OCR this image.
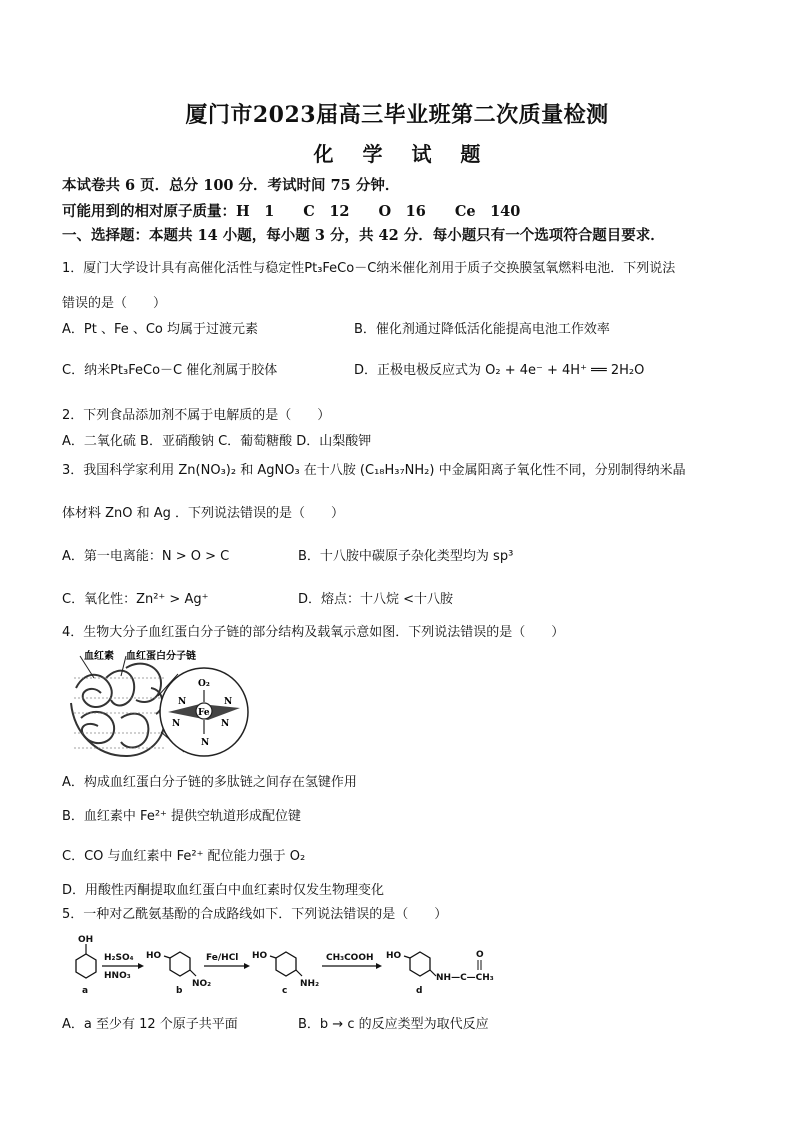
厦门市2023届高三毕业班第二次质量检测
化 学 试 题
本试卷共 6 页．总分 100 分．考试时间 75 分钟．
可能用到的相对原子质量：H　1　　C　12　　O　16　　Ce　140
一、选择题：本题共 14 小题，每小题 3 分，共 42 分．每小题只有一个选项符合题目要求．
1．厦门大学设计具有高催化活性与稳定性Pt₃FeCo－C纳米催化剂用于质子交换膜氢氧燃料电池．下列说法
错误的是（　　）
A．Pt 、Fe 、Co 均属于过渡元素	B．催化剂通过降低活化能提高电池工作效率
C．纳米Pt₃FeCo－C 催化剂属于胶体	D．正极电极反应式为 O₂ + 4e⁻ + 4H⁺ ══ 2H₂O
2．下列食品添加剂不属于电解质的是（　　）
A．二氧化硫 B．亚硝酸钠 C．葡萄糖酸 D．山梨酸钾
3．我国科学家利用 Zn(NO₃)₂ 和 AgNO₃ 在十八胺 (C₁₈H₃₇NH₂) 中金属阳离子氧化性不同，分别制得纳米晶
体材料 ZnO 和 Ag ．下列说法错误的是（　　）
A．第一电离能：N > O > C	B．十八胺中碳原子杂化类型均为 sp³
C．氧化性：Zn²⁺ > Ag⁺	D．熔点：十八烷 <十八胺
4．生物大分子血红蛋白分子链的部分结构及载氧示意如图．下列说法错误的是（　　）
Fe
O₂
N
N
N
N
N
血红素 血红蛋白分子链
A．构成血红蛋白分子链的多肽链之间存在氢键作用
B．血红素中 Fe²⁺ 提供空轨道形成配位键
C．CO 与血红素中 Fe²⁺ 配位能力强于 O₂
D．用酸性丙酮提取血红蛋白中血红素时仅发生物理变化
5．一种对乙酰氨基酚的合成路线如下．下列说法错误的是（　　）
OH
a
H₂SO₄
HNO₃
HO
NO₂
b
Fe/HCl HO
NH₂
c
CH₃COOH HO
NH—C—CH₃
O
d
A．a 至少有 12 个原子共平面	B．b → c 的反应类型为取代反应
